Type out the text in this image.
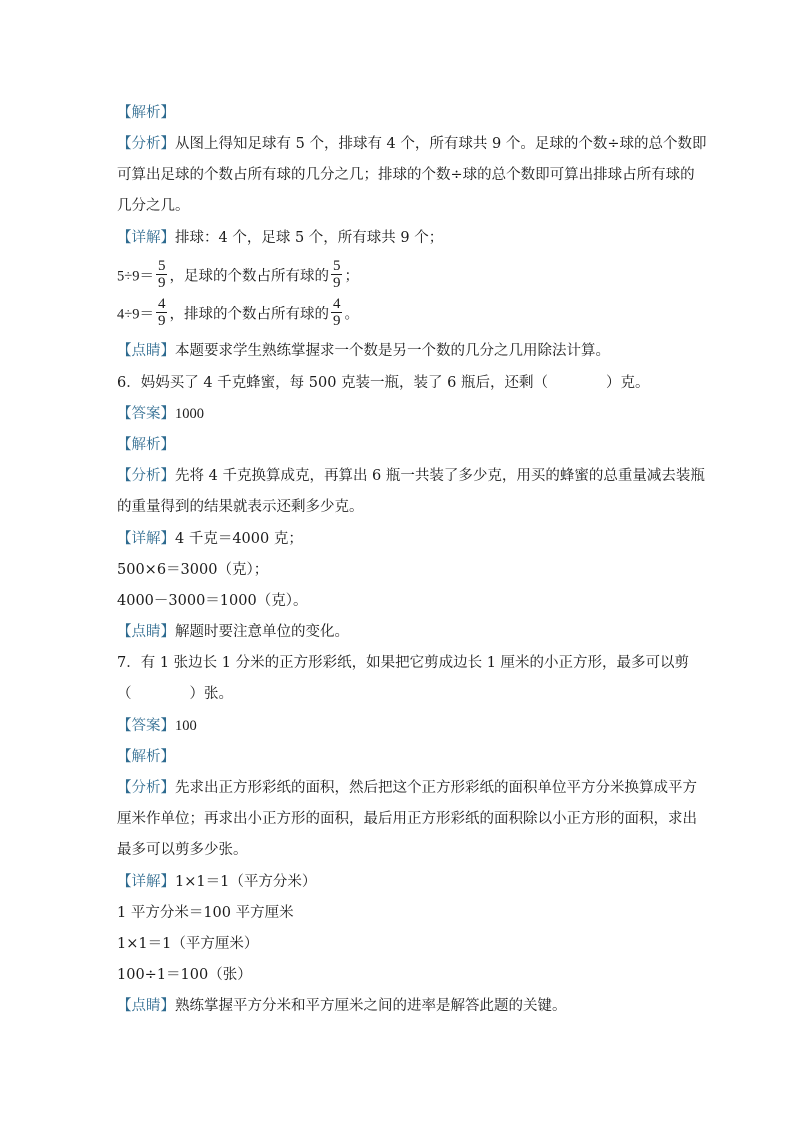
【解析】
【分析】从图上得知足球有 5 个，排球有 4 个，所有球共 9 个。足球的个数÷球的总个数即
可算出足球的个数占所有球的几分之几；排球的个数÷球的总个数即可算出排球占所有球的
几分之几。
【详解】排球：4 个，足球 5 个，所有球共 9 个；
$5\div 9= \frac{5}{9}$ ，足球的个数占所有球的 $\frac{5}{9}$ ；
$4\div 9= \frac{4}{9}$ ，排球的个数占所有球的 $\frac{4}{9}$ 。
【点睛】本题要求学生熟练掌握求一个数是另一个数的几分之几用除法计算。
6．妈妈买了 4 千克蜂蜜，每 500 克装一瓶，装了 6 瓶后，还剩（	）克。
【答案】1000
【解析】
【分析】先将 4 千克换算成克，再算出 6 瓶一共装了多少克，用买的蜂蜜的总重量减去装瓶
的重量得到的结果就表示还剩多少克。
【详解】4 千克＝4000 克；
500×6＝3000（克）；
4000－3000＝1000（克）。
【点睛】解题时要注意单位的变化。
7．有 1 张边长 1 分米的正方形彩纸，如果把它剪成边长 1 厘米的小正方形，最多可以剪
（	）张。
【答案】100
【解析】
【分析】先求出正方形彩纸的面积，然后把这个正方形彩纸的面积单位平方分米换算成平方
厘米作单位；再求出小正方形的面积，最后用正方形彩纸的面积除以小正方形的面积，求出
最多可以剪多少张。
【详解】1×1＝1（平方分米）
1 平方分米＝100 平方厘米
1×1＝1（平方厘米）
100÷1＝100（张）
【点睛】熟练掌握平方分米和平方厘米之间的进率是解答此题的关键。
